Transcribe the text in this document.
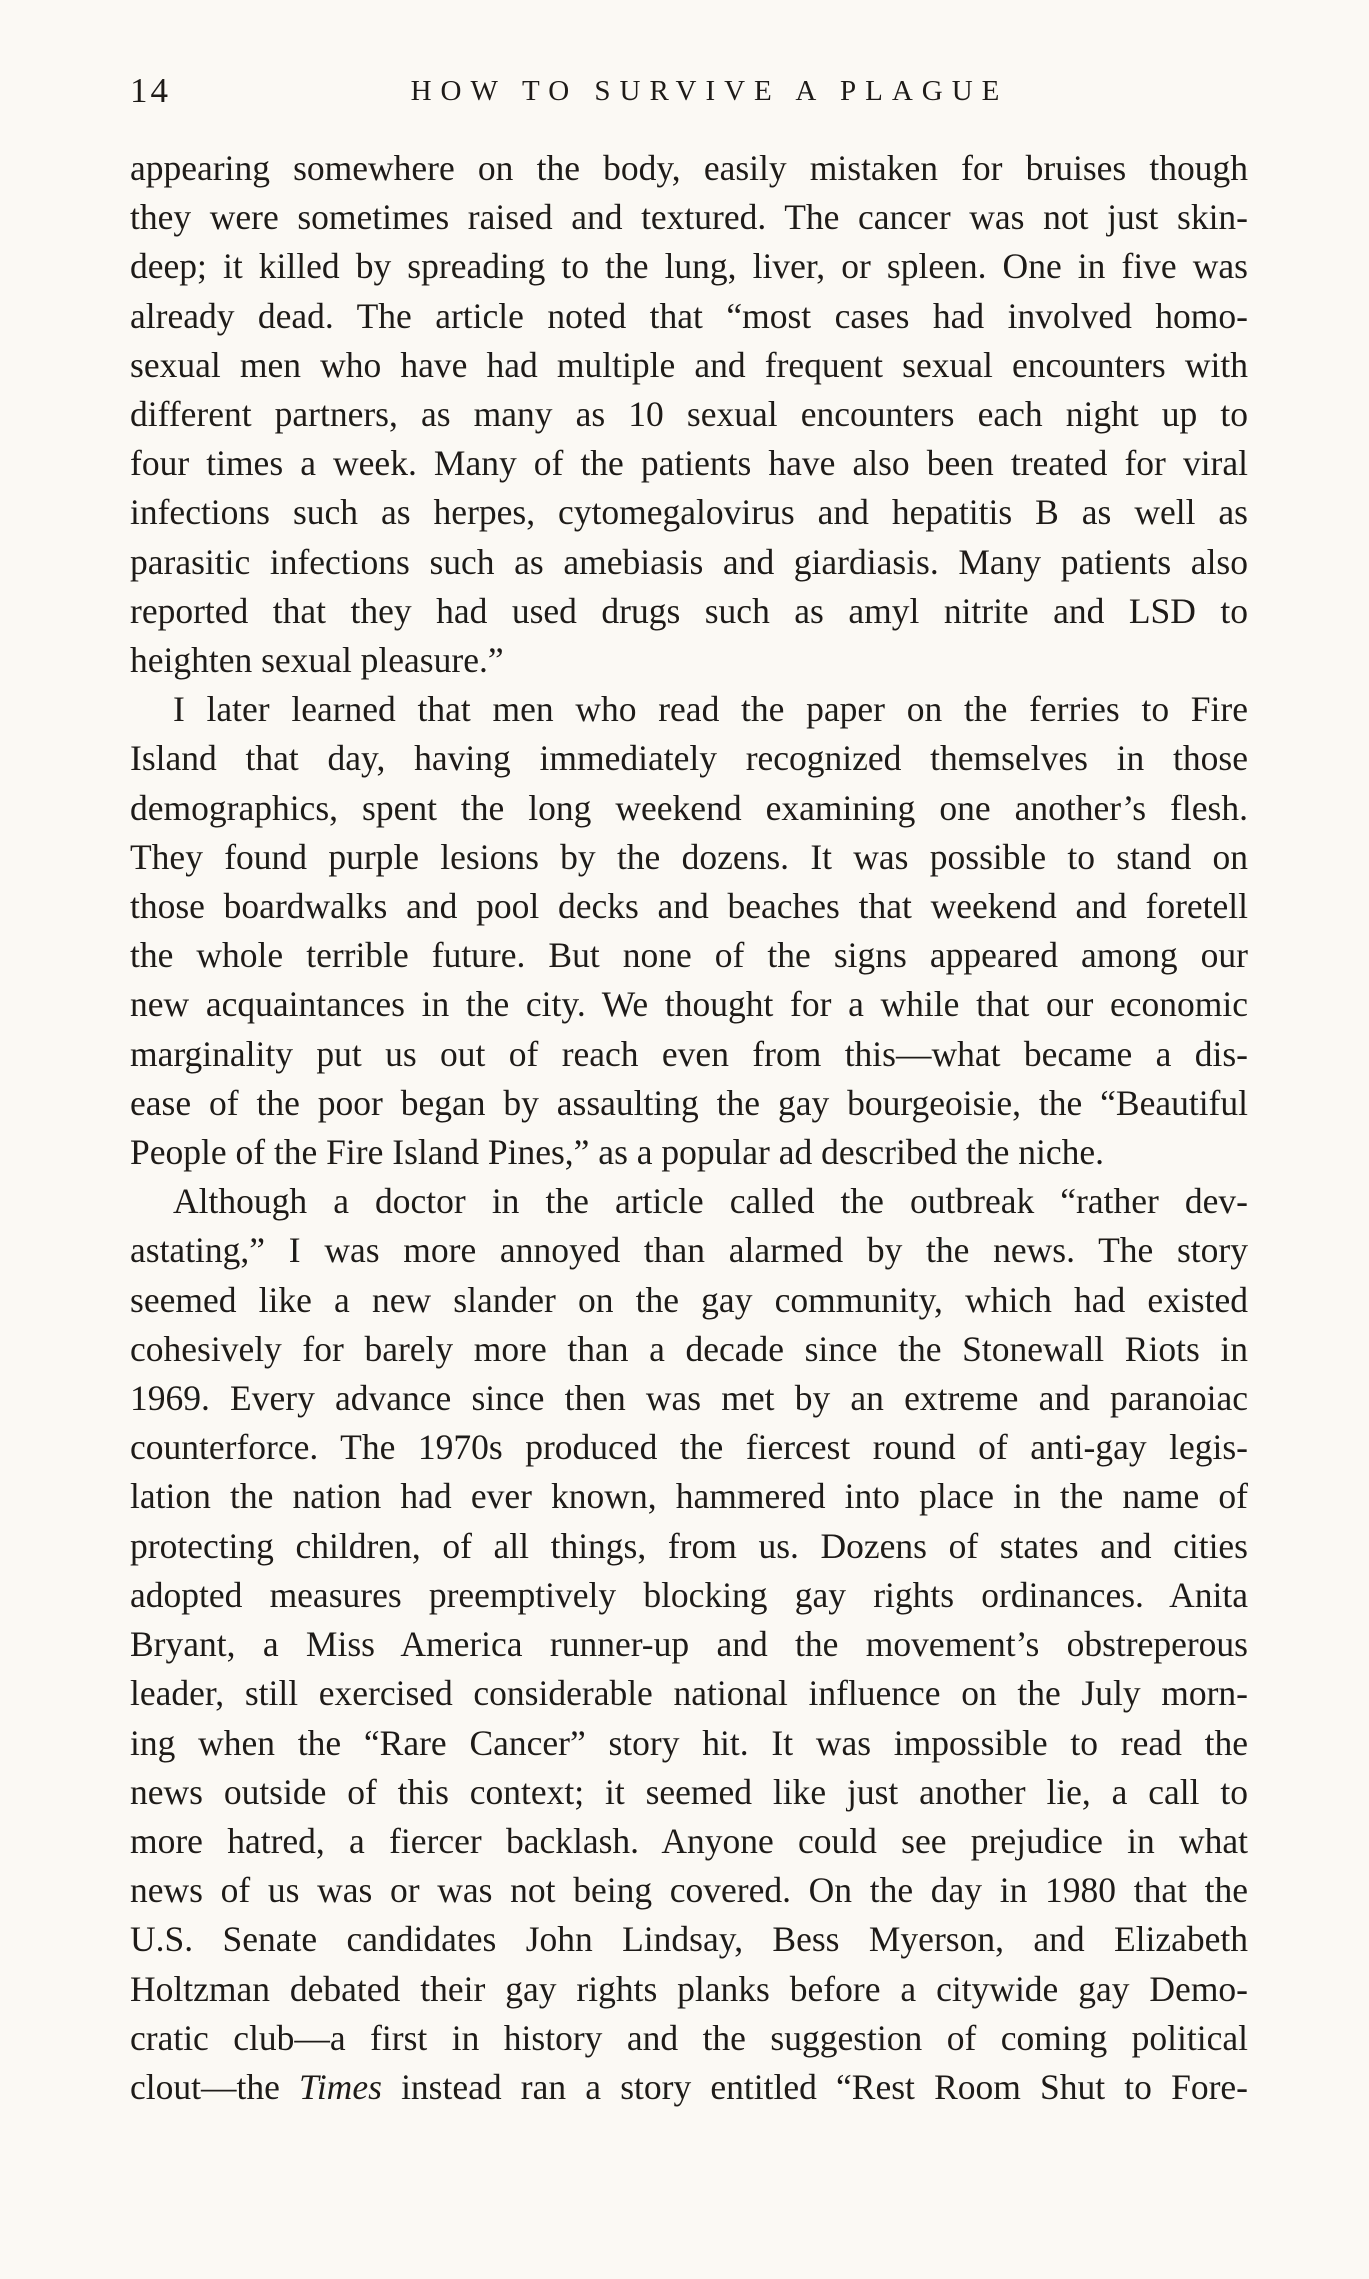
14	HOW TO SURVIVE A PLAGUE

appearing somewhere on the body, easily mistaken for bruises though
they were sometimes raised and textured. The cancer was not just skin-
deep; it killed by spreading to the lung, liver, or spleen. One in five was
already dead. The article noted that “most cases had involved homo-
sexual men who have had multiple and frequent sexual encounters with
different partners, as many as 10 sexual encounters each night up to
four times a week. Many of the patients have also been treated for viral
infections such as herpes, cytomegalovirus and hepatitis B as well as
parasitic infections such as amebiasis and giardiasis. Many patients also
reported that they had used drugs such as amyl nitrite and LSD to
heighten sexual pleasure.”

I later learned that men who read the paper on the ferries to Fire
Island that day, having immediately recognized themselves in those
demographics, spent the long weekend examining one another’s flesh.
They found purple lesions by the dozens. It was possible to stand on
those boardwalks and pool decks and beaches that weekend and foretell
the whole terrible future. But none of the signs appeared among our
new acquaintances in the city. We thought for a while that our economic
marginality put us out of reach even from this—what became a dis-
ease of the poor began by assaulting the gay bourgeoisie, the “Beautiful
People of the Fire Island Pines,” as a popular ad described the niche.

Although a doctor in the article called the outbreak “rather dev-
astating,” I was more annoyed than alarmed by the news. The story
seemed like a new slander on the gay community, which had existed
cohesively for barely more than a decade since the Stonewall Riots in
1969. Every advance since then was met by an extreme and paranoiac
counterforce. The 1970s produced the fiercest round of anti-gay legis-
lation the nation had ever known, hammered into place in the name of
protecting children, of all things, from us. Dozens of states and cities
adopted measures preemptively blocking gay rights ordinances. Anita
Bryant, a Miss America runner-up and the movement’s obstreperous
leader, still exercised considerable national influence on the July morn-
ing when the “Rare Cancer” story hit. It was impossible to read the
news outside of this context; it seemed like just another lie, a call to
more hatred, a fiercer backlash. Anyone could see prejudice in what
news of us was or was not being covered. On the day in 1980 that the
U.S. Senate candidates John Lindsay, Bess Myerson, and Elizabeth
Holtzman debated their gay rights planks before a citywide gay Demo-
cratic club—a first in history and the suggestion of coming political
clout—the Times instead ran a story entitled “Rest Room Shut to Fore-
